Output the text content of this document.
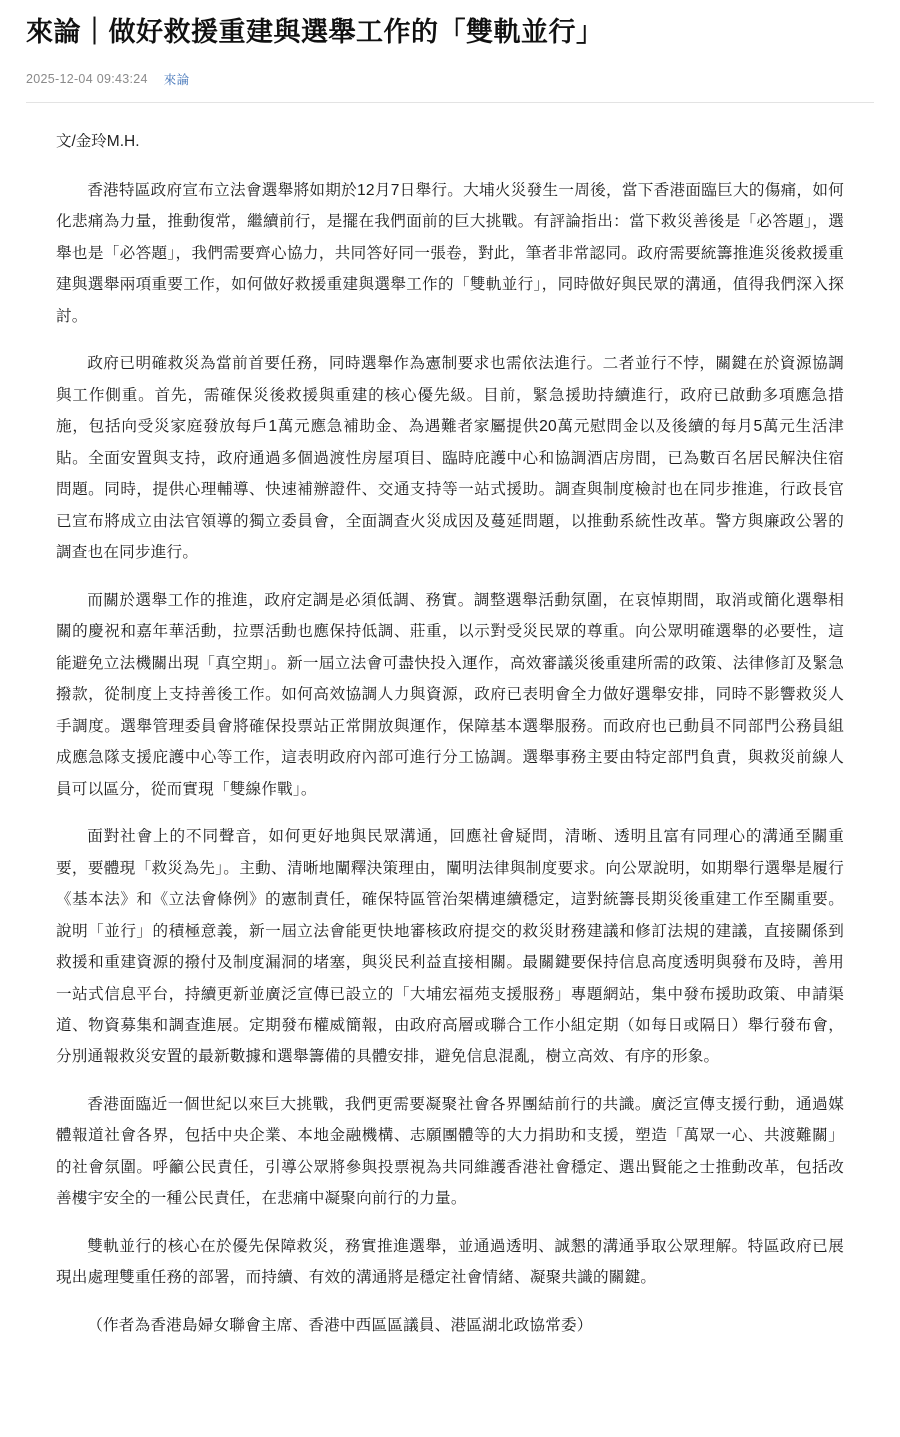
來論｜做好救援重建與選舉工作的「雙軌並行」
2025-12-04 09:43:24 來論

文/金玲M.H.

香港特區政府宣布立法會選舉將如期於12月7日舉行。大埔火災發生一周後，當下香港面臨巨大的傷痛，如何化悲痛為力量，推動復常，繼續前行，是擺在我們面前的巨大挑戰。有評論指出：當下救災善後是「必答題」，選舉也是「必答題」，我們需要齊心協力，共同答好同一張卷，對此，筆者非常認同。政府需要統籌推進災後救援重建與選舉兩項重要工作，如何做好救援重建與選舉工作的「雙軌並行」，同時做好與民眾的溝通，值得我們深入探討。

政府已明確救災為當前首要任務，同時選舉作為憲制要求也需依法進行。二者並行不悖，關鍵在於資源協調與工作側重。首先，需確保災後救援與重建的核心優先級。目前，緊急援助持續進行，政府已啟動多項應急措施，包括向受災家庭發放每戶1萬元應急補助金、為遇難者家屬提供20萬元慰問金以及後續的每月5萬元生活津貼。全面安置與支持，政府通過多個過渡性房屋項目、臨時庇護中心和協調酒店房間，已為數百名居民解決住宿問題。同時，提供心理輔導、快速補辦證件、交通支持等一站式援助。調查與制度檢討也在同步推進，行政長官已宣布將成立由法官領導的獨立委員會，全面調查火災成因及蔓延問題，以推動系統性改革。警方與廉政公署的調查也在同步進行。

而關於選舉工作的推進，政府定調是必須低調、務實。調整選舉活動氛圍，在哀悼期間，取消或簡化選舉相關的慶祝和嘉年華活動，拉票活動也應保持低調、莊重，以示對受災民眾的尊重。向公眾明確選舉的必要性，這能避免立法機關出現「真空期」。新一屆立法會可盡快投入運作，高效審議災後重建所需的政策、法律修訂及緊急撥款，從制度上支持善後工作。如何高效協調人力與資源，政府已表明會全力做好選舉安排，同時不影響救災人手調度。選舉管理委員會將確保投票站正常開放與運作，保障基本選舉服務。而政府也已動員不同部門公務員組成應急隊支援庇護中心等工作，這表明政府內部可進行分工協調。選舉事務主要由特定部門負責，與救災前線人員可以區分，從而實現「雙線作戰」。

面對社會上的不同聲音，如何更好地與民眾溝通，回應社會疑問，清晰、透明且富有同理心的溝通至關重要，要體現「救災為先」。主動、清晰地闡釋決策理由，闡明法律與制度要求。向公眾說明，如期舉行選舉是履行《基本法》和《立法會條例》的憲制責任，確保特區管治架構連續穩定，這對統籌長期災後重建工作至關重要。說明「並行」的積極意義，新一屆立法會能更快地審核政府提交的救災財務建議和修訂法規的建議，直接關係到救援和重建資源的撥付及制度漏洞的堵塞，與災民利益直接相關。最關鍵要保持信息高度透明與發布及時，善用一站式信息平台，持續更新並廣泛宣傳已設立的「大埔宏福苑支援服務」專題網站，集中發布援助政策、申請渠道、物資募集和調查進展。定期發布權威簡報，由政府高層或聯合工作小組定期（如每日或隔日）舉行發布會，分別通報救災安置的最新數據和選舉籌備的具體安排，避免信息混亂，樹立高效、有序的形象。

香港面臨近一個世紀以來巨大挑戰，我們更需要凝聚社會各界團結前行的共識。廣泛宣傳支援行動，通過媒體報道社會各界，包括中央企業、本地金融機構、志願團體等的大力捐助和支援，塑造「萬眾一心、共渡難關」的社會氛圍。呼籲公民責任，引導公眾將參與投票視為共同維護香港社會穩定、選出賢能之士推動改革，包括改善樓宇安全的一種公民責任，在悲痛中凝聚向前行的力量。

雙軌並行的核心在於優先保障救災，務實推進選舉，並通過透明、誠懇的溝通爭取公眾理解。特區政府已展現出處理雙重任務的部署，而持續、有效的溝通將是穩定社會情緒、凝聚共識的關鍵。

（作者為香港島婦女聯會主席、香港中西區區議員、港區湖北政協常委）
